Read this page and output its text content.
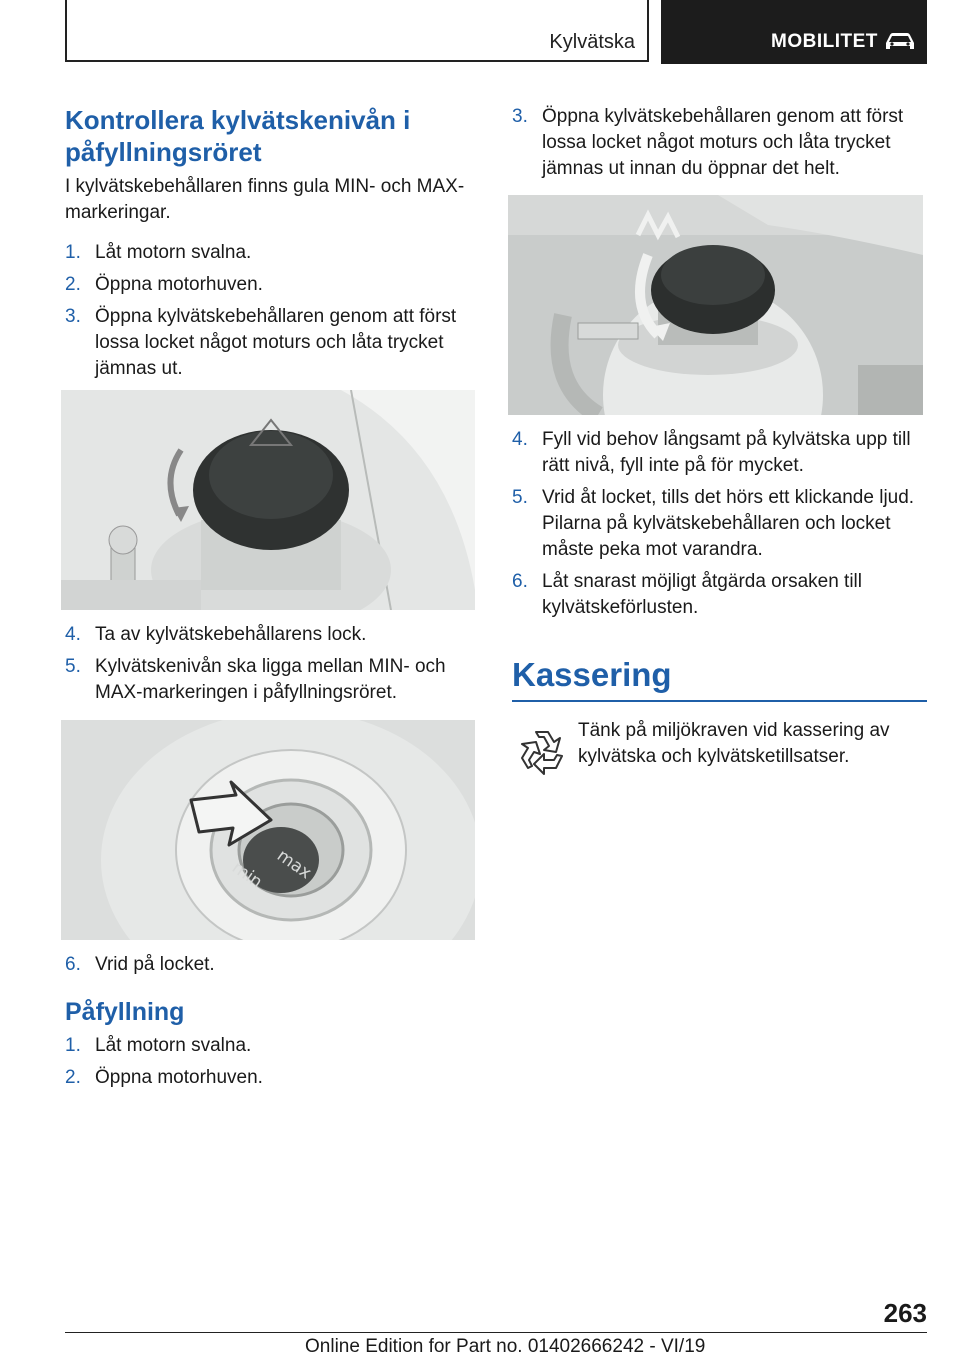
Kylvätska	MOBILITET
Kontrollera kylvätskenivån i påfyllningsröret

I kylvätskebehållaren finns gula MIN- och MAX-markeringar.

1. Låt motorn svalna.

2. Öppna motorhuven.

3. Öppna kylvätskebehållaren genom att först lossa locket något moturs och låta trycket jämnas ut.

4. Ta av kylvätskebehållarens lock.

5. Kylvätskenivån ska ligga mellan MIN- och MAX-markeringen i påfyllningsröret.

max
min

6. Vrid på locket.

Påfyllning

1. Låt motorn svalna.

2. Öppna motorhuven.

3. Öppna kylvätskebehållaren genom att först lossa locket något moturs och låta trycket jämnas ut innan du öppnar det helt.

4. Fyll vid behov långsamt på kylvätska upp till rätt nivå, fyll inte på för mycket.

5. Vrid åt locket, tills det hörs ett klickande ljud. Pilarna på kylvätskebehållaren och locket måste peka mot varandra.

6. Låt snarast möjligt åtgärda orsaken till kylvätskeförlusten.

Kassering

Tänk på miljökraven vid kassering av kylvätska och kylvätsketillsatser.

263
Online Edition for Part no. 01402666242 - VI/19
